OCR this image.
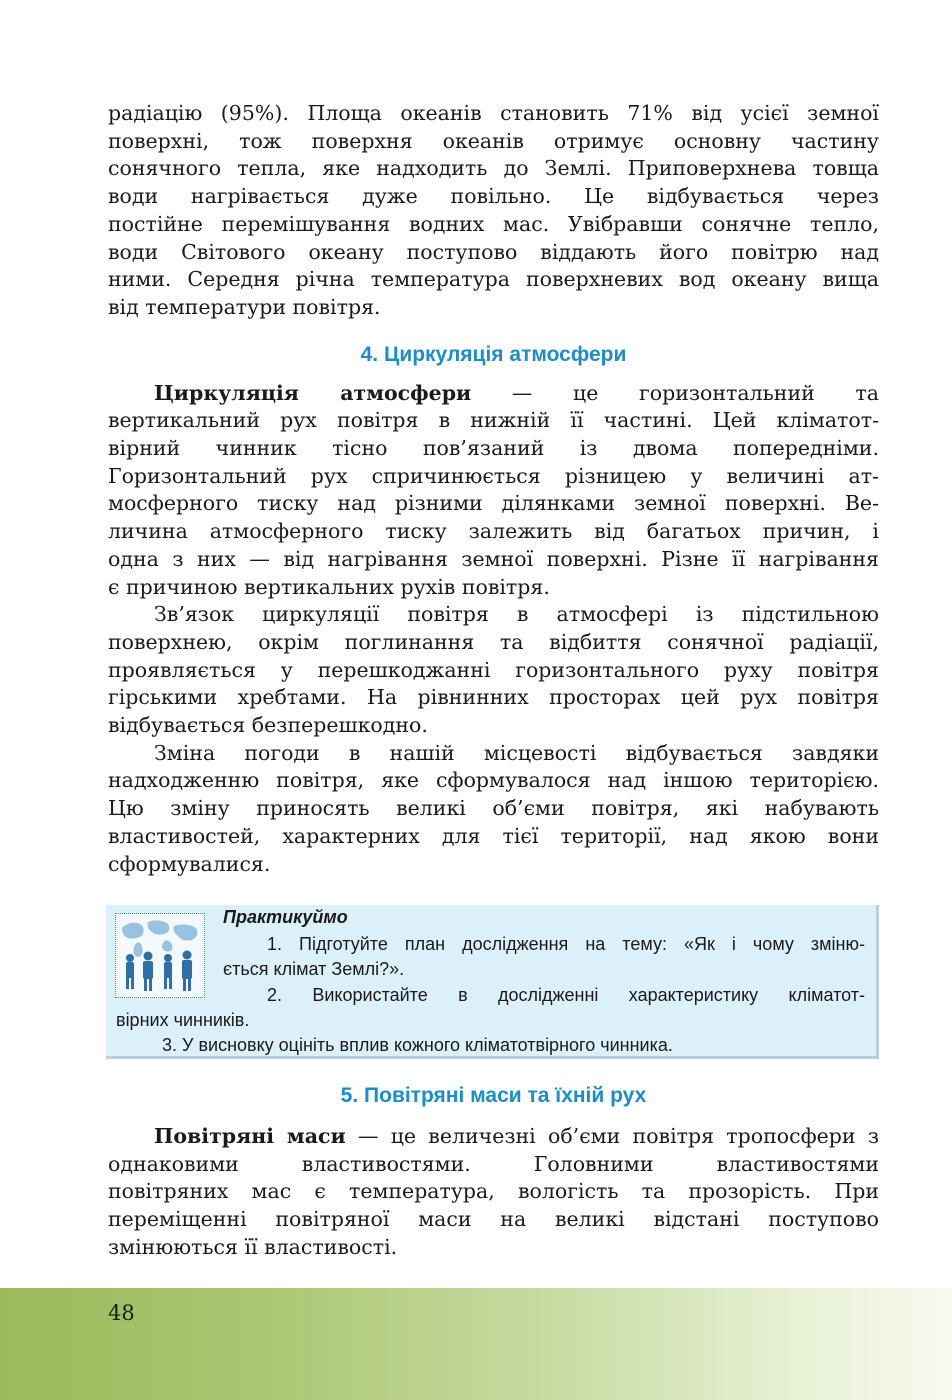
радіацію (95%). Площа океанів становить 71% від усієї земної
поверхні, тож поверхня океанів отримує основну частину
сонячного тепла, яке надходить до Землі. Приповерхнева товща
води нагрівається дуже повільно. Це відбувається через
постійне перемішування водних мас. Увібравши сонячне тепло,
води Світового океану поступово віддають його повітрю над
ними. Середня річна температура поверхневих вод океану вища
від температури повітря.

4. Циркуляція атмосфери

Циркуляція атмосфери — це горизонтальний та
вертикальний рух повітря в нижній її частині. Цей кліматот-
вірний чинник тісно пов’язаний із двома попередніми.
Горизонтальний рух спричинюється різницею у величині ат-
мосферного тиску над різними ділянками земної поверхні. Ве-
личина атмосферного тиску залежить від багатьох причин, і
одна з них — від нагрівання земної поверхні. Різне її нагрівання
є причиною вертикальних рухів повітря.

Зв’язок циркуляції повітря в атмосфері із підстильною
поверхнею, окрім поглинання та відбиття сонячної радіації,
проявляється у перешкоджанні горизонтального руху повітря
гірськими хребтами. На рівнинних просторах цей рух повітря
відбувається безперешкодно.

Зміна погоди в нашій місцевості відбувається завдяки
надходженню повітря, яке сформувалося над іншою територією.
Цю зміну приносять великі об’єми повітря, які набувають
властивостей, характерних для тієї території, над якою вони
сформувалися.

Практикуймо
1. Підготуйте план дослідження на тему: «Як і чому зміню-
ється клімат Землі?».
2. Використайте в дослідженні характеристику кліматот-
вірних чинників.
3. У висновку оцініть вплив кожного кліматотвірного чинника.
5. Повітряні маси та їхній рух

Повітряні маси — це величезні об’єми повітря тропосфери з
однаковими властивостями. Головними властивостями
повітряних мас є температура, вологість та прозорість. При
переміщенні повітряної маси на великі відстані поступово
змінюються її властивості.

48
